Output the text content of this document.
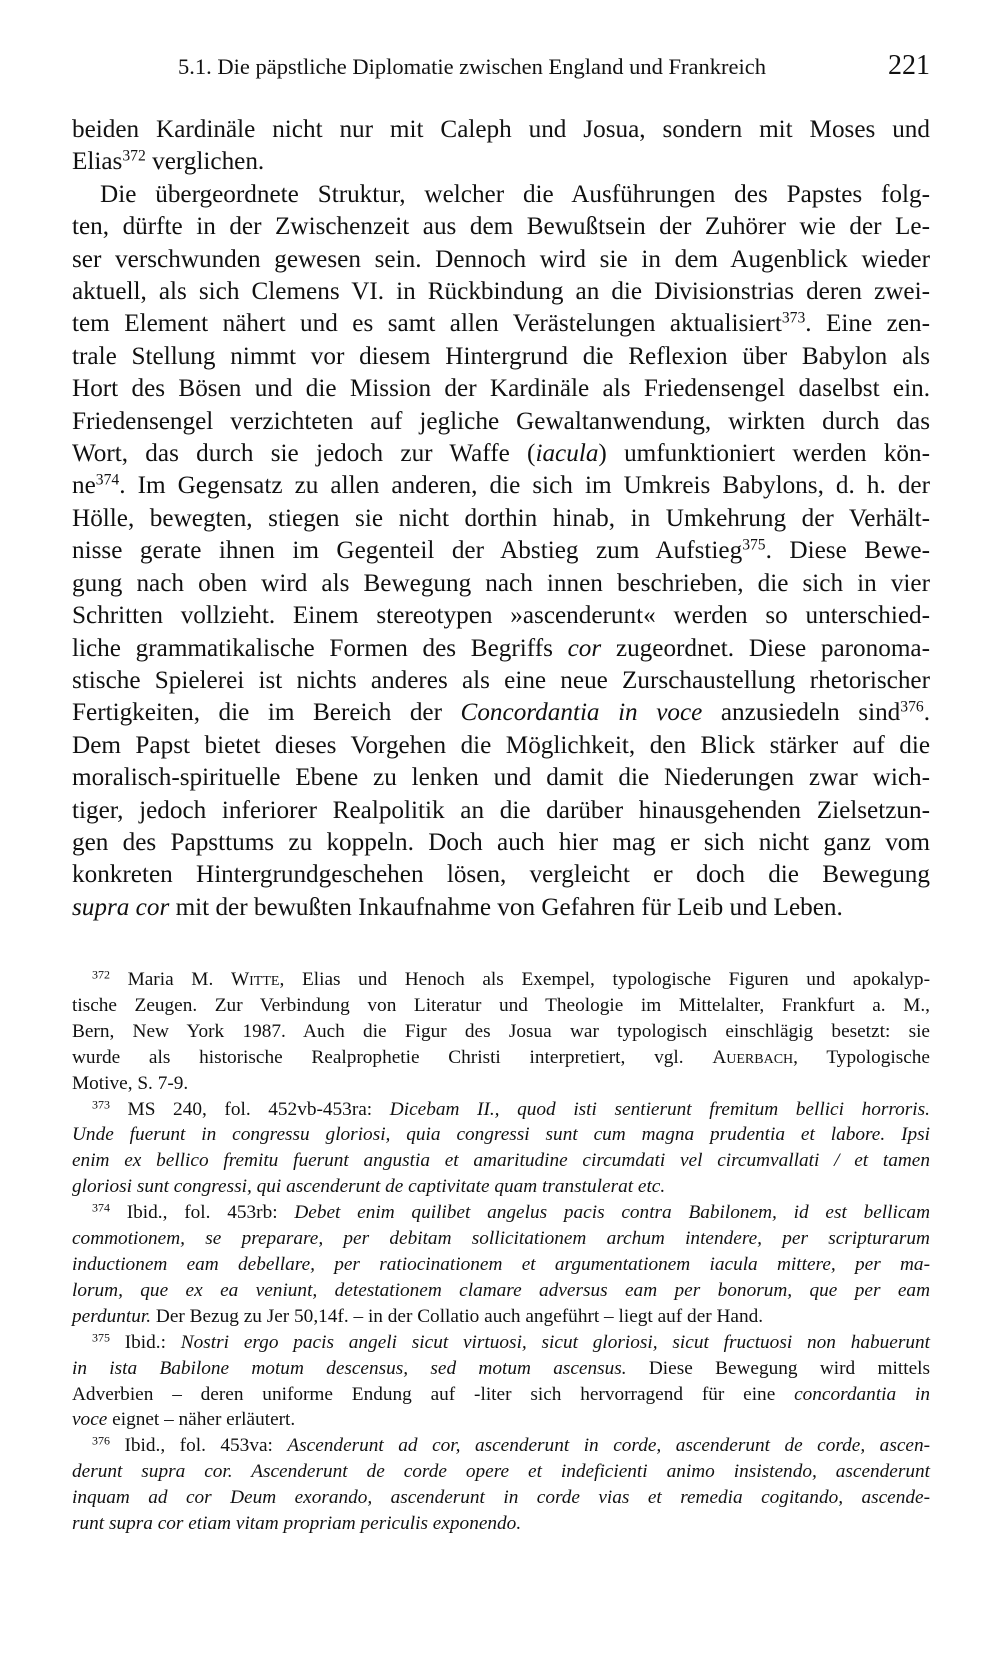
5.1. Die päpstliche Diplomatie zwischen England und Frankreich	221

beiden Kardinäle nicht nur mit Caleph und Josua, sondern mit Moses und

Elias$^{372}$ verglichen.

Die übergeordnete Struktur, welcher die Ausführungen des Papstes folg-

ten, dürfte in der Zwischenzeit aus dem Bewußtsein der Zuhörer wie der Le-

ser verschwunden gewesen sein. Dennoch wird sie in dem Augenblick wieder

aktuell, als sich Clemens VI. in Rückbindung an die Divisionstrias deren zwei-

tem Element nähert und es samt allen Verästelungen aktualisiert$^{373}$. Eine zen-

trale Stellung nimmt vor diesem Hintergrund die Reflexion über Babylon als

Hort des Bösen und die Mission der Kardinäle als Friedensengel daselbst ein.

Friedensengel verzichteten auf jegliche Gewaltanwendung, wirkten durch das

Wort, das durch sie jedoch zur Waffe (iacula) umfunktioniert werden kön-

$ne^{374}$. Im Gegensatz zu allen anderen, die sich im Umkreis Babylons, d. h. der

Hölle, bewegten, stiegen sie nicht dorthin hinab, in Umkehrung der Verhält-

nisse gerate ihnen im Gegenteil der Abstieg zum Aufstieg$^{375}$. Diese Bewe-

gung nach oben wird als Bewegung nach innen beschrieben, die sich in vier

Schritten vollzieht. Einem stereotypen »ascenderunt« werden so unterschied-

liche grammatikalische Formen des Begriffs cor zugeordnet. Diese paronoma-

stische Spielerei ist nichts anderes als eine neue Zurschaustellung rhetorischer

Fertigkeiten, die im Bereich der Concordantia in voce anzusiedeln sind$^{376}$.

Dem Papst bietet dieses Vorgehen die Möglichkeit, den Blick stärker auf die

moralisch-spirituelle Ebene zu lenken und damit die Niederungen zwar wich-

tiger, jedoch inferiorer Realpolitik an die darüber hinausgehenden Zielsetzun-

gen des Papsttums zu koppeln. Doch auch hier mag er sich nicht ganz vom

konkreten Hintergrundgeschehen lösen, vergleicht er doch die Bewegung

supra cor mit der bewußten Inkaufnahme von Gefahren für Leib und Leben.

$^{372}$ Maria M. Witte, Elias und Henoch als Exempel, typologische Figuren und apokalyp-
tische Zeugen. Zur Verbindung von Literatur und Theologie im Mittelalter, Frankfurt a. M.,
Bern, New York 1987. Auch die Figur des Josua war typologisch einschlägig besetzt: sie
wurde als historische Realprophetie Christi interpretiert, vgl. Auerbach, Typologische
Motive, S. 7-9.
$^{373}$ MS 240, fol. 452vb-453ra: Dicebam II., quod isti sentierunt fremitum bellici horroris.
Unde fuerunt in congressu gloriosi, quia congressi sunt cum magna prudentia et labore. Ipsi
enim ex bellico fremitu fuerunt angustia et amaritudine circumdati vel circumvallati / et tamen
gloriosi sunt congressi, qui ascenderunt de captivitate quam transtulerat etc.
$^{374}$ Ibid., fol. 453rb: Debet enim quilibet angelus pacis contra Babilonem, id est bellicam
commotionem, se preparare, per debitam sollicitationem archum intendere, per scripturarum
inductionem eam debellare, per ratiocinationem et argumentationem iacula mittere, per ma-
lorum, que ex ea veniunt, detestationem clamare adversus eam per bonorum, que per eam
perduntur. Der Bezug zu Jer 50,14f. – in der Collatio auch angeführt – liegt auf der Hand.
$^{375}$ Ibid.: Nostri ergo pacis angeli sicut virtuosi, sicut gloriosi, sicut fructuosi non habuerunt
in ista Babilone motum descensus, sed motum ascensus. Diese Bewegung wird mittels
Adverbien – deren uniforme Endung auf -liter sich hervorragend für eine concordantia in
voce eignet – näher erläutert.
$^{376}$ Ibid., fol. 453va: Ascenderunt ad cor, ascenderunt in corde, ascenderunt de corde, ascen-
derunt supra cor. Ascenderunt de corde opere et indeficienti animo insistendo, ascenderunt
inquam ad cor Deum exorando, ascenderunt in corde vias et remedia cogitando, ascende-
runt supra cor etiam vitam propriam periculis exponendo.
